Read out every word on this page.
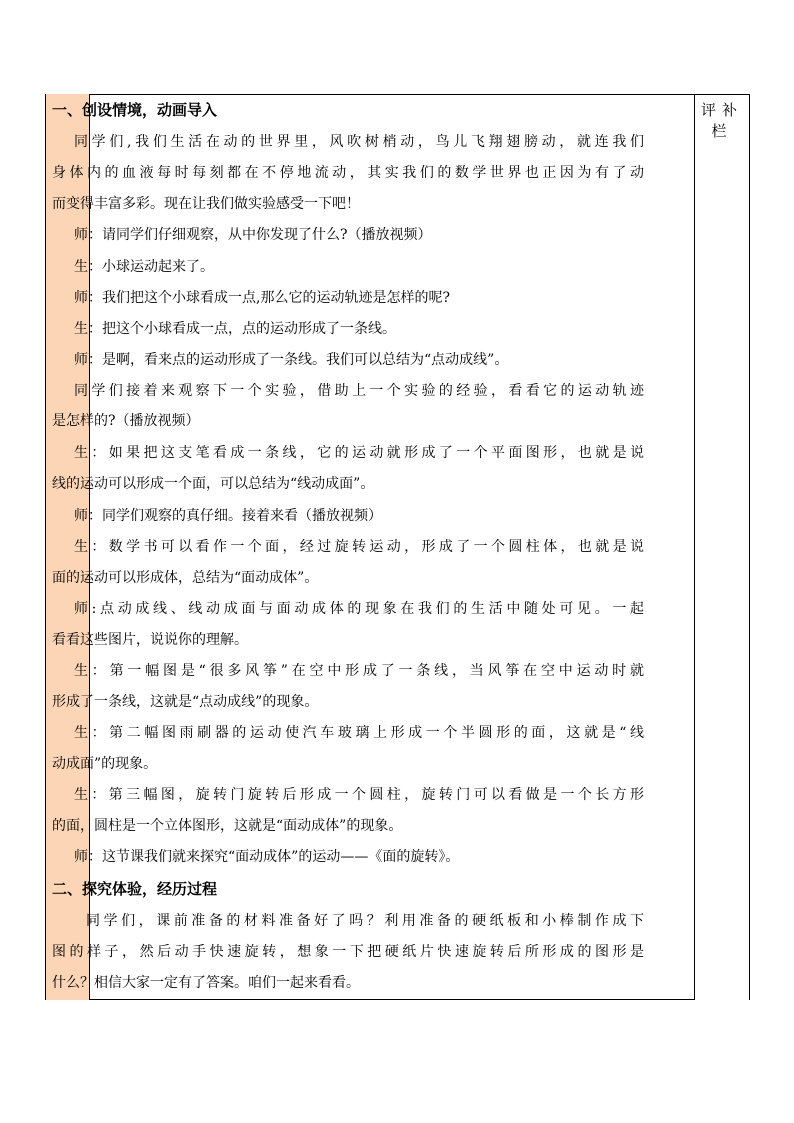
评补栏
一、创设情境，动画导入
同学们,我们生活在动的世界里，风吹树梢动，鸟儿飞翔翅膀动，就连我们
身体内的血液每时每刻都在不停地流动，其实我们的数学世界也正因为有了动
而变得丰富多彩。现在让我们做实验感受一下吧！
师：请同学们仔细观察，从中你发现了什么?（播放视频）
生：小球运动起来了。
师：我们把这个小球看成一点,那么它的运动轨迹是怎样的呢?
生：把这个小球看成一点，点的运动形成了一条线。
师：是啊，看来点的运动形成了一条线。我们可以总结为“点动成线”。
同学们接着来观察下一个实验，借助上一个实验的经验，看看它的运动轨迹
是怎样的?（播放视频）
生：如果把这支笔看成一条线，它的运动就形成了一个平面图形，也就是说
线的运动可以形成一个面，可以总结为“线动成面”。
师：同学们观察的真仔细。接着来看（播放视频）
生：数学书可以看作一个面，经过旋转运动，形成了一个圆柱体，也就是说
面的运动可以形成体，总结为“面动成体”。
师:点动成线、线动成面与面动成体的现象在我们的生活中随处可见。一起
看看这些图片，说说你的理解。
生：第一幅图是“很多风筝”在空中形成了一条线，当风筝在空中运动时就
形成了一条线，这就是“点动成线”的现象。
生：第二幅图雨刷器的运动使汽车玻璃上形成一个半圆形的面，这就是“线
动成面”的现象。
生：第三幅图，旋转门旋转后形成一个圆柱，旋转门可以看做是一个长方形
的面，圆柱是一个立体图形，这就是“面动成体”的现象。
师：这节课我们就来探究“面动成体”的运动——《面的旋转》。
二、探究体验，经历过程
同学们，课前准备的材料准备好了吗？利用准备的硬纸板和小棒制作成下
图的样子，然后动手快速旋转，想象一下把硬纸片快速旋转后所形成的图形是
什么？相信大家一定有了答案。咱们一起来看看。
